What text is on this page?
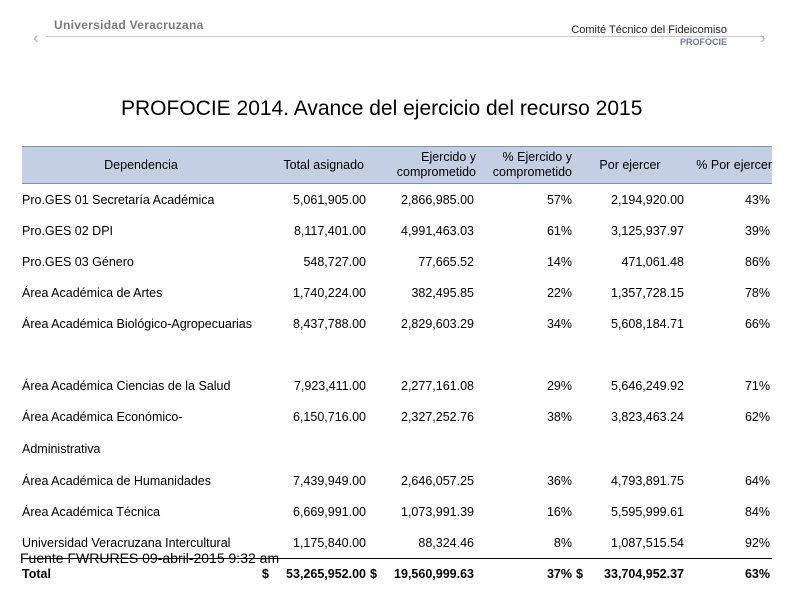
‹
Universidad Veracruzana
›
Comité Técnico del Fideicomiso
PROFOCIE
PROFOCIE 2014. Avance del ejercicio del recurso 2015
Dependencia	Total asignado	Ejercido y comprometido	% Ejercido y comprometido	Por ejercer	% Por ejercer
Pro.GES 01 Secretaría Académica	5,061,905.00	2,866,985.00	57%	2,194,920.00	43%
Pro.GES 02 DPI	8,117,401.00	4,991,463.03	61%	3,125,937.97	39%
Pro.GES 03 Género	548,727.00	77,665.52	14%	471,061.48	86%
Área Académica de Artes	1,740,224.00	382,495.85	22%	1,357,728.15	78%
Área Académica Biológico-Agropecuarias	8,437,788.00	2,829,603.29	34%	5,608,184.71	66%
Área Académica Ciencias de la Salud	7,923,411.00	2,277,161.08	29%	5,646,249.92	71%
Área Académica Económico-Administrativa	6,150,716.00	2,327,252.76	38%	3,823,463.24	62%
Área Académica de Humanidades	7,439,949.00	2,646,057.25	36%	4,793,891.75	64%
Área Académica Técnica	6,669,991.00	1,073,991.39	16%	5,595,999.61	84%
Universidad Veracruzana Intercultural	1,175,840.00	88,324.46	8%	1,087,515.54	92%
Total	$ 53,265,952.00	$ 19,560,999.63	37%	$ 33,704,952.37	63%
Fuente FWRURES 09-abril-2015 9:32 am
